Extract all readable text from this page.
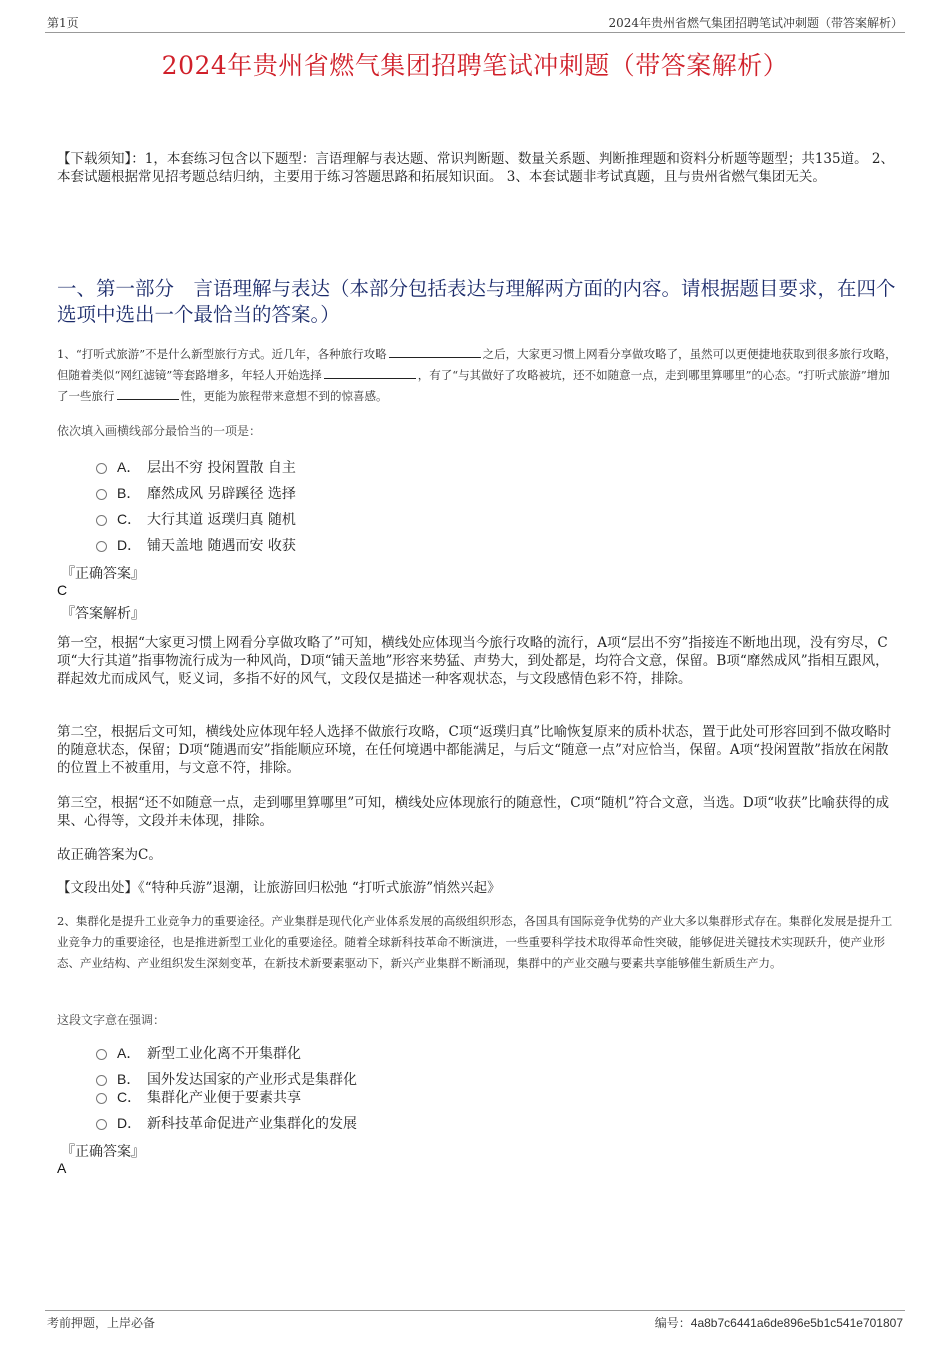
第1页	2024年贵州省燃气集团招聘笔试冲刺题（带答案解析）
2024年贵州省燃气集团招聘笔试冲刺题（带答案解析）
【下载须知】：1，本套练习包含以下题型：言语理解与表达题、常识判断题、数量关系题、判断推理题和资料分析题等题型；共135道。 2、本套试题根据常见招考题总结归纳，主要用于练习答题思路和拓展知识面。 3、本套试题非考试真题，且与贵州省燃气集团无关。
一、第一部分　言语理解与表达（本部分包括表达与理解两方面的内容。请根据题目要求，在四个选项中选出一个最恰当的答案。）
1、“打听式旅游”不是什么新型旅行方式。近几年，各种旅行攻略	之后，大家更习惯上网看分享做攻略了，虽然可以更便捷地获取到很多旅行攻略，但随着类似“网红滤镜”等套路增多，年轻人开始选择	，有了“与其做好了攻略被坑，还不如随意一点，走到哪里算哪里”的心态。“打听式旅游”增加了一些旅行	性，更能为旅程带来意想不到的惊喜感。
依次填入画横线部分最恰当的一项是：
A． 层出不穷 投闲置散 自主
B． 靡然成风 另辟蹊径 选择
C． 大行其道 返璞归真 随机
D． 铺天盖地 随遇而安 收获
『正确答案』
C
『答案解析』
第一空，根据“大家更习惯上网看分享做攻略了”可知，横线处应体现当今旅行攻略的流行，A项“层出不穷”指接连不断地出现，没有穷尽，C项“大行其道”指事物流行成为一种风尚，D项“铺天盖地”形容来势猛、声势大，到处都是，均符合文意，保留。B项“靡然成风”指相互跟风，群起效尤而成风气，贬义词，多指不好的风气，文段仅是描述一种客观状态，与文段感情色彩不符，排除。
第二空，根据后文可知，横线处应体现年轻人选择不做旅行攻略，C项“返璞归真”比喻恢复原来的质朴状态，置于此处可形容回到不做攻略时的随意状态，保留；D项“随遇而安”指能顺应环境，在任何境遇中都能满足，与后文“随意一点”对应恰当，保留。A项“投闲置散”指放在闲散的位置上不被重用，与文意不符，排除。
第三空，根据“还不如随意一点，走到哪里算哪里”可知，横线处应体现旅行的随意性，C项“随机”符合文意，当选。D项“收获”比喻获得的成果、心得等，文段并未体现，排除。
故正确答案为C。
【文段出处】《“特种兵游”退潮，让旅游回归松弛 “打听式旅游”悄然兴起》
2、集群化是提升工业竞争力的重要途径。产业集群是现代化产业体系发展的高级组织形态，各国具有国际竞争优势的产业大多以集群形式存在。集群化发展是提升工业竞争力的重要途径，也是推进新型工业化的重要途径。随着全球新科技革命不断演进，一些重要科学技术取得革命性突破，能够促进关键技术实现跃升，使产业形态、产业结构、产业组织发生深刻变革，在新技术新要素驱动下，新兴产业集群不断涌现，集群中的产业交融与要素共享能够催生新质生产力。
这段文字意在强调：
A． 新型工业化离不开集群化
B． 国外发达国家的产业形式是集群化
C． 集群化产业便于要素共享
D． 新科技革命促进产业集群化的发展
『正确答案』
A
考前押题，上岸必备	编号：4a8b7c6441a6de896e5b1c541e701807
